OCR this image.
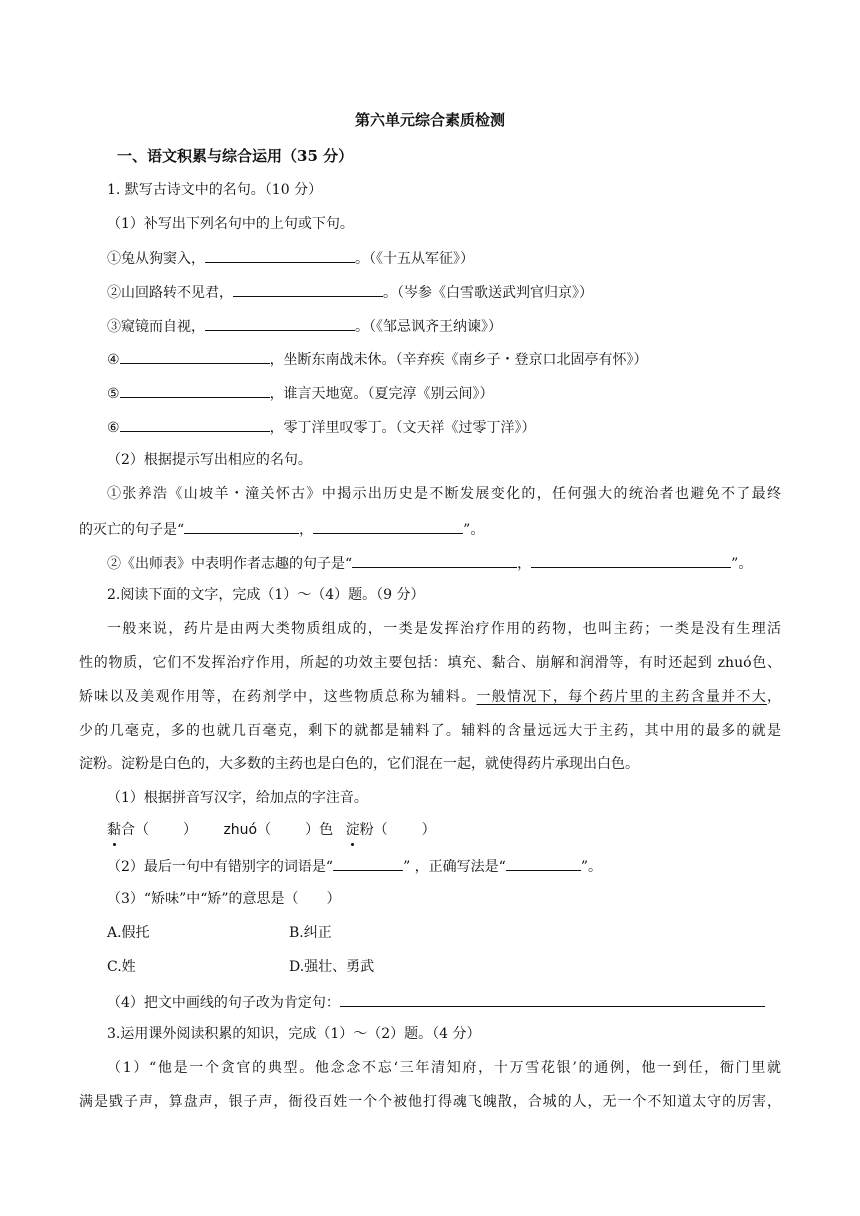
第六单元综合素质检测
一、语文积累与综合运用（35 分）
1. 默写古诗文中的名句。（10 分）
（1）补写出下列名句中的上句或下句。
①兔从狗窦入，	。（《十五从军征》）
②山回路转不见君，	。（岑参《白雪歌送武判官归京》）
③窥镜而自视，	。（《邹忌讽齐王纳谏》）
④	，坐断东南战未休。（辛弃疾《南乡子・登京口北固亭有怀》）
⑤	，谁言天地宽。（夏完淳《别云间》）
⑥	，零丁洋里叹零丁。（文天祥《过零丁洋》）
（2）根据提示写出相应的名句。
①张养浩《山坡羊・潼关怀古》中揭示出历史是不断发展变化的，任何强大的统治者也避免不了最终
的灭亡的句子是“	，	”。
②《出师表》中表明作者志趣的句子是“	，	”。
2.阅读下面的文字，完成（1）～（4）题。（9 分）
一般来说，药片是由两大类物质组成的，一类是发挥治疗作用的药物，也叫主药；一类是没有生理活
性的物质，它们不发挥治疗作用，所起的功效主要包括：填充、黏合、崩解和润滑等，有时还起到 zhuó色、
矫味以及美观作用等，在药剂学中，这些物质总称为辅料。一般情况下，每个药片里的主药含量并不大，
少的几毫克，多的也就几百毫克，剩下的就都是辅料了。辅料的含量远远大于主药，其中用的最多的就是
淀粉。淀粉是白色的，大多数的主药也是白色的，它们混在一起，就使得药片承现出白色。
（1）根据拼音写汉字，给加点的字注音。
黏合（ ） zhuó（ ）色 淀粉（ ）
（2）最后一句中有错别字的词语是“	” ，正确写法是“	”。
（3）“矫味”中“矫”的意思是（　　）
A.假托	B.纠正
C.姓	D.强壮、勇武
（4）把文中画线的句子改为肯定句：
3.运用课外阅读积累的知识，完成（1）～（2）题。（4 分）
（1）“他是一个贪官的典型。他念念不忘‘三年清知府，十万雪花银’的通例，他一到任，衙门里就
满是戥子声，算盘声，银子声，衙役百姓一个个被他打得魂飞魄散，合城的人，无一个不知道太守的厉害，
